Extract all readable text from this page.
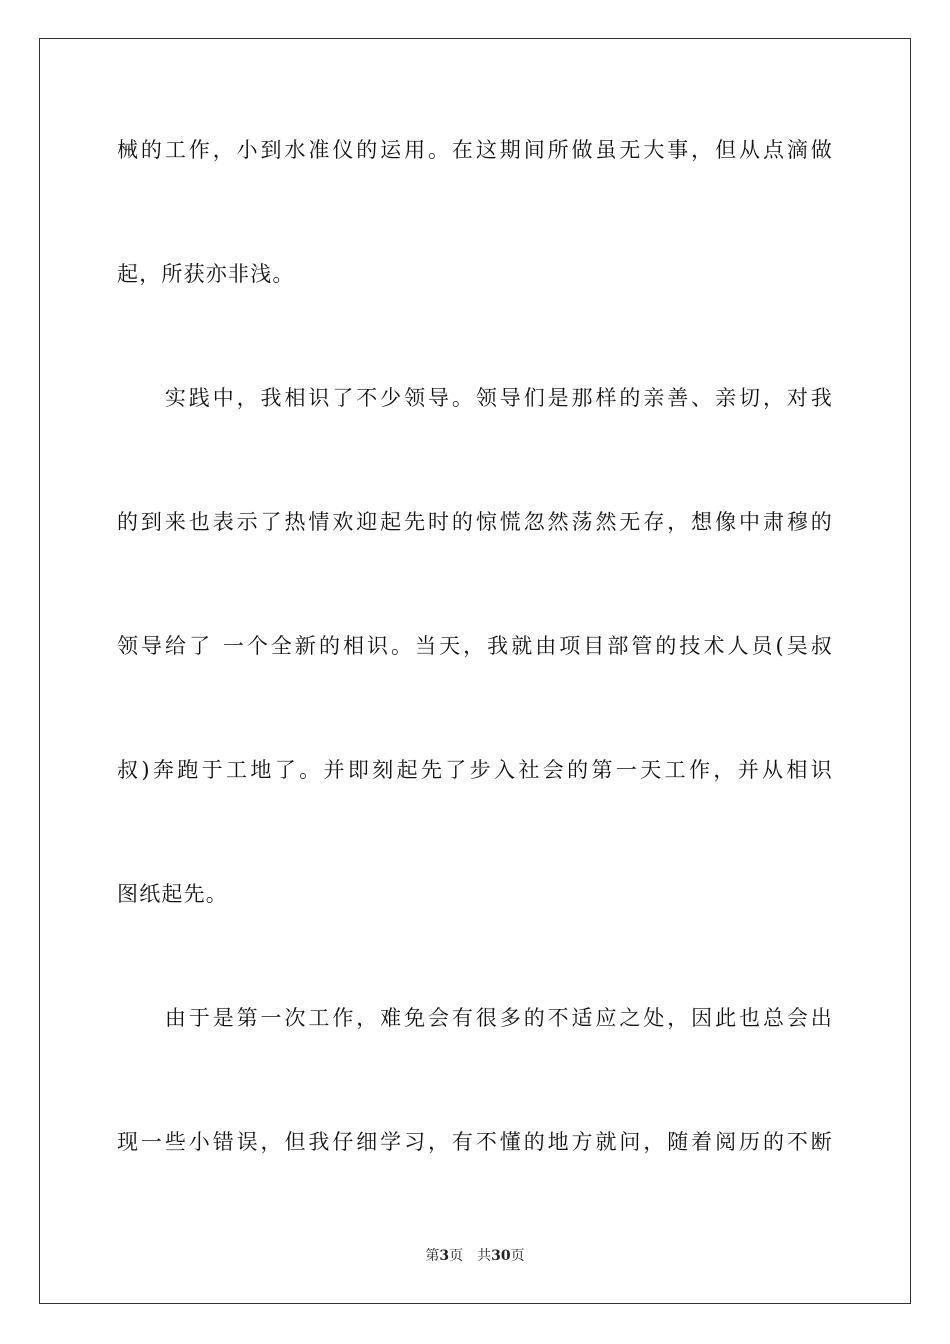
械的工作，小到水准仪的运用。在这期间所做虽无大事，但从点滴做
起，所获亦非浅。
　　实践中，我相识了不少领导。领导们是那样的亲善、亲切，对我
的到来也表示了热情欢迎起先时的惊慌忽然荡然无存，想像中肃穆的
领导给了 一个全新的相识。当天，我就由项目部管的技术人员(吴叔
叔)奔跑于工地了。并即刻起先了步入社会的第一天工作，并从相识
图纸起先。
　　由于是第一次工作，难免会有很多的不适应之处，因此也总会出
现一些小错误，但我仔细学习，有不懂的地方就问，随着阅历的不断
第3页 共30页
